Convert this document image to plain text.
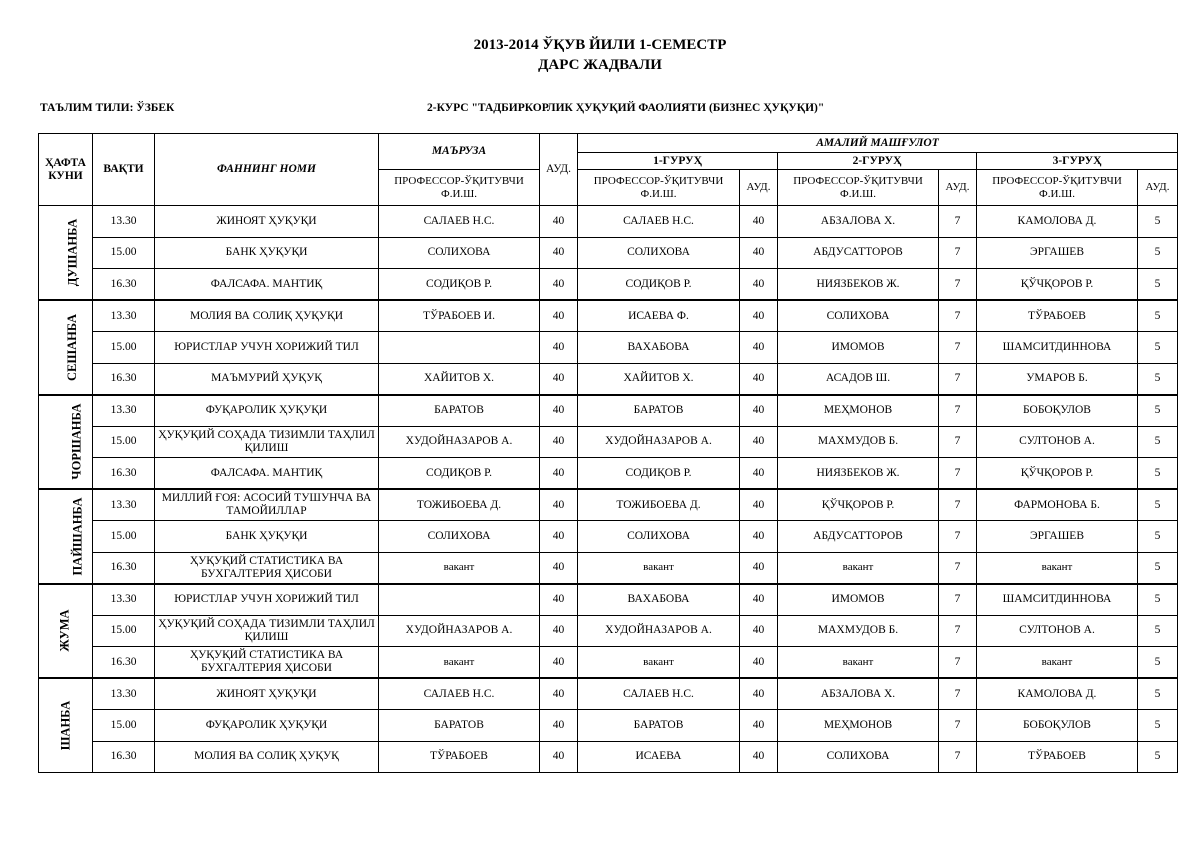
2013-2014 ЎҚУВ ЙИЛИ 1-СЕМЕСТР
ДАРС ЖАДВАЛИ
ТАЪЛИМ ТИЛИ: ЎЗБЕК	2-КУРС "ТАДБИРКОРЛИК ҲУҚУҚИЙ ФАОЛИЯТИ (БИЗНЕС ҲУҚУҚИ)"
ҲАФТА КУНИ	ВАҚТИ	ФАННИНГ НОМИ	МАЪРУЗА	АУД.	АМАЛИЙ МАШҒУЛОТ					
					1-ГУРУҲ		2-ГУРУҲ		3-ГУРУҲ	
			ПРОФЕССОР-ЎҚИТУВЧИ Ф.И.Ш.		ПРОФЕССОР-ЎҚИТУВЧИ Ф.И.Ш.	АУД.	ПРОФЕССОР-ЎҚИТУВЧИ Ф.И.Ш.	АУД.	ПРОФЕССОР-ЎҚИТУВЧИ Ф.И.Ш.	АУД.
ДУШАНБА	13.30	ЖИНОЯТ ҲУҚУҚИ	САЛАЕВ Н.С.	40	САЛАЕВ Н.С.	40	АБЗАЛОВА Х.	7	КАМОЛОВА Д.	5
	15.00	БАНК ҲУҚУҚИ	СОЛИХОВА	40	СОЛИХОВА	40	АБДУСАТТОРОВ	7	ЭРГАШЕВ	5
	16.30	ФАЛСАФА. МАНТИҚ	СОДИҚОВ Р.	40	СОДИҚОВ Р.	40	НИЯЗБЕКОВ Ж.	7	ҚЎЧҚОРОВ Р.	5
СЕШАНБА	13.30	МОЛИЯ ВА СОЛИҚ ҲУҚУҚИ	ТЎРАБОЕВ И.	40	ИСАЕВА Ф.	40	СОЛИХОВА	7	ТЎРАБОЕВ	5
	15.00	ЮРИСТЛАР УЧУН ХОРИЖИЙ ТИЛ		40	ВАХАБОВА	40	ИМОМОВ	7	ШАМСИТДИННОВА	5
	16.30	МАЪМУРИЙ ҲУҚУҚ	ХАЙИТОВ Х.	40	ХАЙИТОВ Х.	40	АСАДОВ Ш.	7	УМАРОВ Б.	5
ЧОРШАНБА	13.30	ФУҚАРОЛИК ҲУҚУҚИ	БАРАТОВ	40	БАРАТОВ	40	МЕҲМОНОВ	7	БОБОҚУЛОВ	5
	15.00	ҲУҚУҚИЙ СОҲАДА ТИЗИМЛИ ТАҲЛИЛ ҚИЛИШ	ХУДОЙНАЗАРОВ А.	40	ХУДОЙНАЗАРОВ А.	40	МАХМУДОВ Б.	7	СУЛТОНОВ А.	5
	16.30	ФАЛСАФА. МАНТИҚ	СОДИҚОВ Р.	40	СОДИҚОВ Р.	40	НИЯЗБЕКОВ Ж.	7	ҚЎЧҚОРОВ Р.	5
ПАЙШАНБА	13.30	МИЛЛИЙ ҒОЯ: АСОСИЙ ТУШУНЧА ВА ТАМОЙИЛЛАР	ТОЖИБОЕВА Д.	40	ТОЖИБОЕВА Д.	40	ҚЎЧҚОРОВ Р.	7	ФАРМОНОВА Б.	5
	15.00	БАНК ҲУҚУҚИ	СОЛИХОВА	40	СОЛИХОВА	40	АБДУСАТТОРОВ	7	ЭРГАШЕВ	5
	16.30	ҲУҚУҚИЙ СТАТИСТИКА ВА БУХГАЛТЕРИЯ ҲИСОБИ	вакант	40	вакант	40	вакант	7	вакант	5
ЖУМА	13.30	ЮРИСТЛАР УЧУН ХОРИЖИЙ ТИЛ		40	ВАХАБОВА	40	ИМОМОВ	7	ШАМСИТДИННОВА	5
	15.00	ҲУҚУҚИЙ СОҲАДА ТИЗИМЛИ ТАҲЛИЛ ҚИЛИШ	ХУДОЙНАЗАРОВ А.	40	ХУДОЙНАЗАРОВ А.	40	МАХМУДОВ Б.	7	СУЛТОНОВ А.	5
	16.30	ҲУҚУҚИЙ СТАТИСТИКА ВА БУХГАЛТЕРИЯ ҲИСОБИ	вакант	40	вакант	40	вакант	7	вакант	5
ШАНБА	13.30	ЖИНОЯТ ҲУҚУҚИ	САЛАЕВ Н.С.	40	САЛАЕВ Н.С.	40	АБЗАЛОВА Х.	7	КАМОЛОВА Д.	5
	15.00	ФУҚАРОЛИК ҲУҚУҚИ	БАРАТОВ	40	БАРАТОВ	40	МЕҲМОНОВ	7	БОБОҚУЛОВ	5
	16.30	МОЛИЯ ВА СОЛИҚ ҲУҚУҚ	ТЎРАБОЕВ	40	ИСАЕВА	40	СОЛИХОВА	7	ТЎРАБОЕВ	5
